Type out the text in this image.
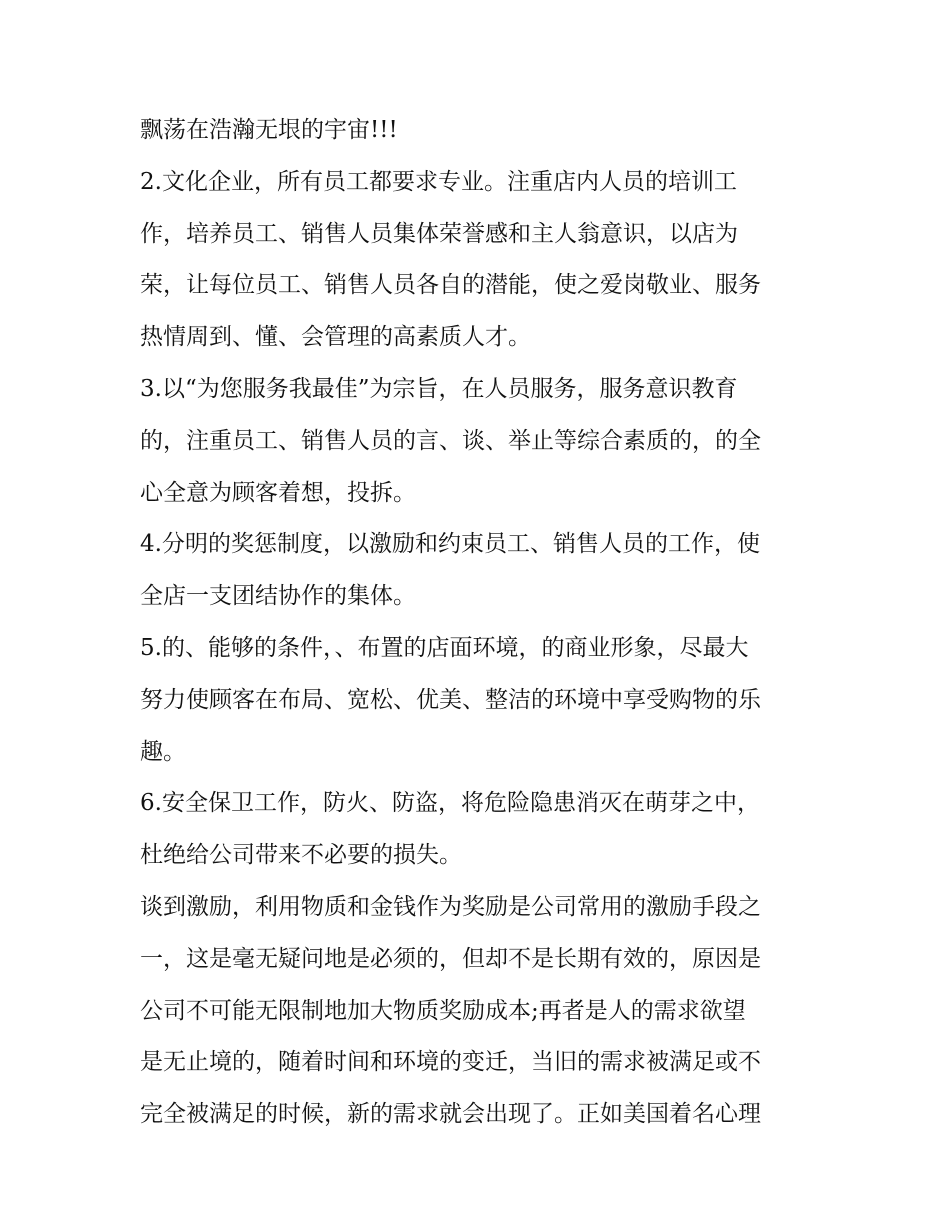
飘荡在浩瀚无垠的宇宙!!!
2.文化企业，所有员工都要求专业。注重店内人员的培训工
作，培养员工、销售人员集体荣誉感和主人翁意识，以店为
荣，让每位员工、销售人员各自的潜能，使之爱岗敬业、服务
热情周到、懂、会管理的高素质人才。
3.以“为您服务我最佳”为宗旨，在人员服务，服务意识教育
的，注重员工、销售人员的言、谈、举止等综合素质的，的全
心全意为顾客着想，投拆。
4.分明的奖惩制度，以激励和约束员工、销售人员的工作，使
全店一支团结协作的集体。
5.的、能够的条件，、布置的店面环境，的商业形象，尽最大
努力使顾客在布局、宽松、优美、整洁的环境中享受购物的乐
趣。
6.安全保卫工作，防火、防盗，将危险隐患消灭在萌芽之中，
杜绝给公司带来不必要的损失。
谈到激励，利用物质和金钱作为奖励是公司常用的激励手段之
一，这是毫无疑问地是必须的，但却不是长期有效的，原因是
公司不可能无限制地加大物质奖励成本;再者是人的需求欲望
是无止境的，随着时间和环境的变迁，当旧的需求被满足或不
完全被满足的时候，新的需求就会出现了。正如美国着名心理
